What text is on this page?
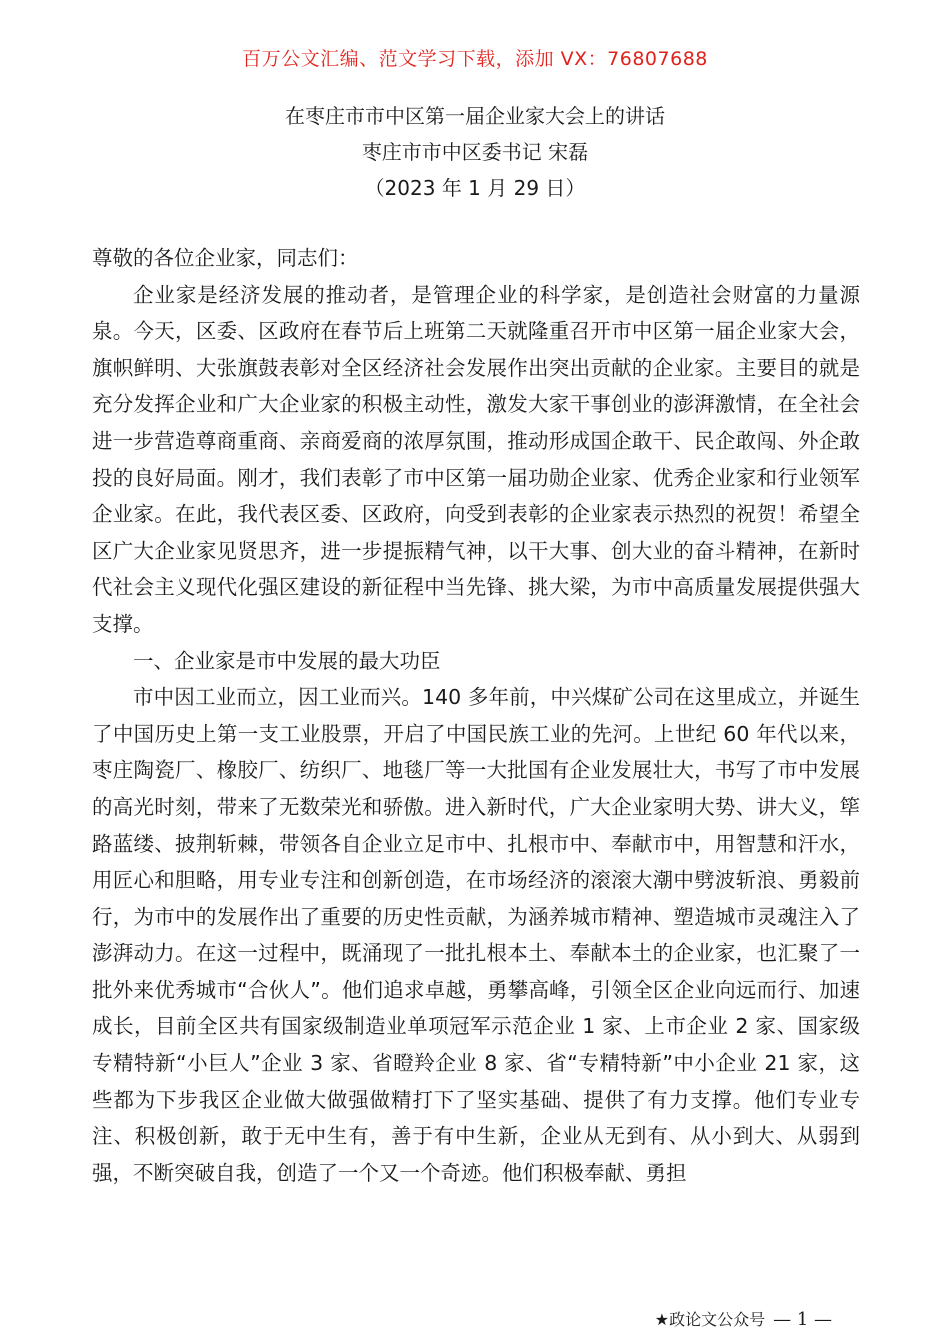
百万公文汇编、范文学习下载，添加 VX：76807688
在枣庄市市中区第一届企业家大会上的讲话
枣庄市市中区委书记 宋磊
（2023 年 1 月 29 日）

尊敬的各位企业家，同志们：

企业家是经济发展的推动者，是管理企业的科学家，是创造社会财富的力量源泉。今天，区委、区政府在春节后上班第二天就隆重召开市中区第一届企业家大会，旗帜鲜明、大张旗鼓表彰对全区经济社会发展作出突出贡献的企业家。主要目的就是充分发挥企业和广大企业家的积极主动性，激发大家干事创业的澎湃激情，在全社会进一步营造尊商重商、亲商爱商的浓厚氛围，推动形成国企敢干、民企敢闯、外企敢投的良好局面。刚才，我们表彰了市中区第一届功勋企业家、优秀企业家和行业领军企业家。在此，我代表区委、区政府，向受到表彰的企业家表示热烈的祝贺！希望全区广大企业家见贤思齐，进一步提振精气神，以干大事、创大业的奋斗精神，在新时代社会主义现代化强区建设的新征程中当先锋、挑大梁，为市中高质量发展提供强大支撑。

一、企业家是市中发展的最大功臣

市中因工业而立，因工业而兴。140 多年前，中兴煤矿公司在这里成立，并诞生了中国历史上第一支工业股票，开启了中国民族工业的先河。上世纪 60 年代以来，枣庄陶瓷厂、橡胶厂、纺织厂、地毯厂等一大批国有企业发展壮大，书写了市中发展的高光时刻，带来了无数荣光和骄傲。进入新时代，广大企业家明大势、讲大义，筚路蓝缕、披荆斩棘，带领各自企业立足市中、扎根市中、奉献市中，用智慧和汗水，用匠心和胆略，用专业专注和创新创造，在市场经济的滚滚大潮中劈波斩浪、勇毅前行，为市中的发展作出了重要的历史性贡献，为涵养城市精神、塑造城市灵魂注入了澎湃动力。在这一过程中，既涌现了一批扎根本土、奉献本土的企业家，也汇聚了一批外来优秀城市“合伙人”。他们追求卓越，勇攀高峰，引领全区企业向远而行、加速成长，目前全区共有国家级制造业单项冠军示范企业 1 家、上市企业 2 家、国家级专精特新“小巨人”企业 3 家、省瞪羚企业 8 家、省“专精特新”中小企业 21 家，这些都为下步我区企业做大做强做精打下了坚实基础、提供了有力支撑。他们专业专注、积极创新，敢于无中生有，善于有中生新，企业从无到有、从小到大、从弱到强，不断突破自我，创造了一个又一个奇迹。他们积极奉献、勇担

★政论文公众号 — 1 —
